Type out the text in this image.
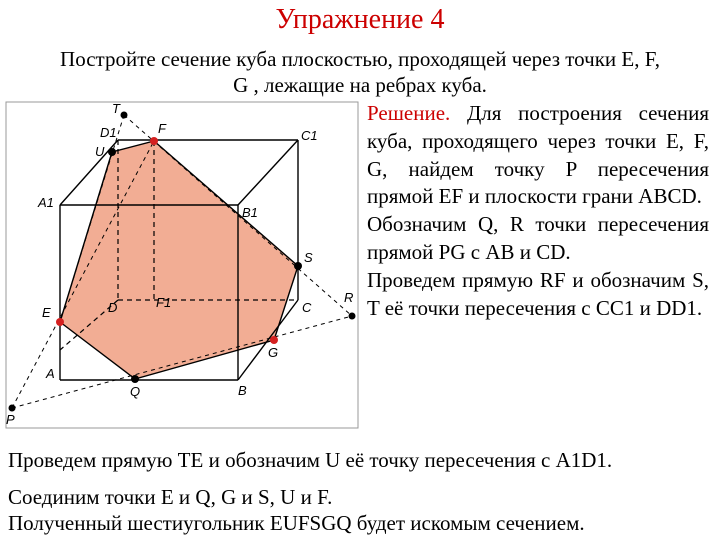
Упражнение 4
Постройте сечение куба плоскостью, проходящей через точки E, F,
G , лежащие на ребрах куба.
T
D1
U
F	C1
A1
B1
S
D	F1	C
R
E
G
A
B
Q
P

Решение. Для построения сечения куба, проходящего через точки E, F, G, найдем точку P пересечения прямой EF и плоскости грани ABCD.

Обозначим Q, R точки пересечения прямой PG с AB и CD.

Проведем прямую RF и обозначим S, T её точки пересечения с CC1 и DD1.

Проведем прямую TE и обозначим U её точку пересечения с A1D1.
Соединим точки E и Q, G и S, U и F.
Полученный шестиугольник EUFSGQ будет искомым сечением.
